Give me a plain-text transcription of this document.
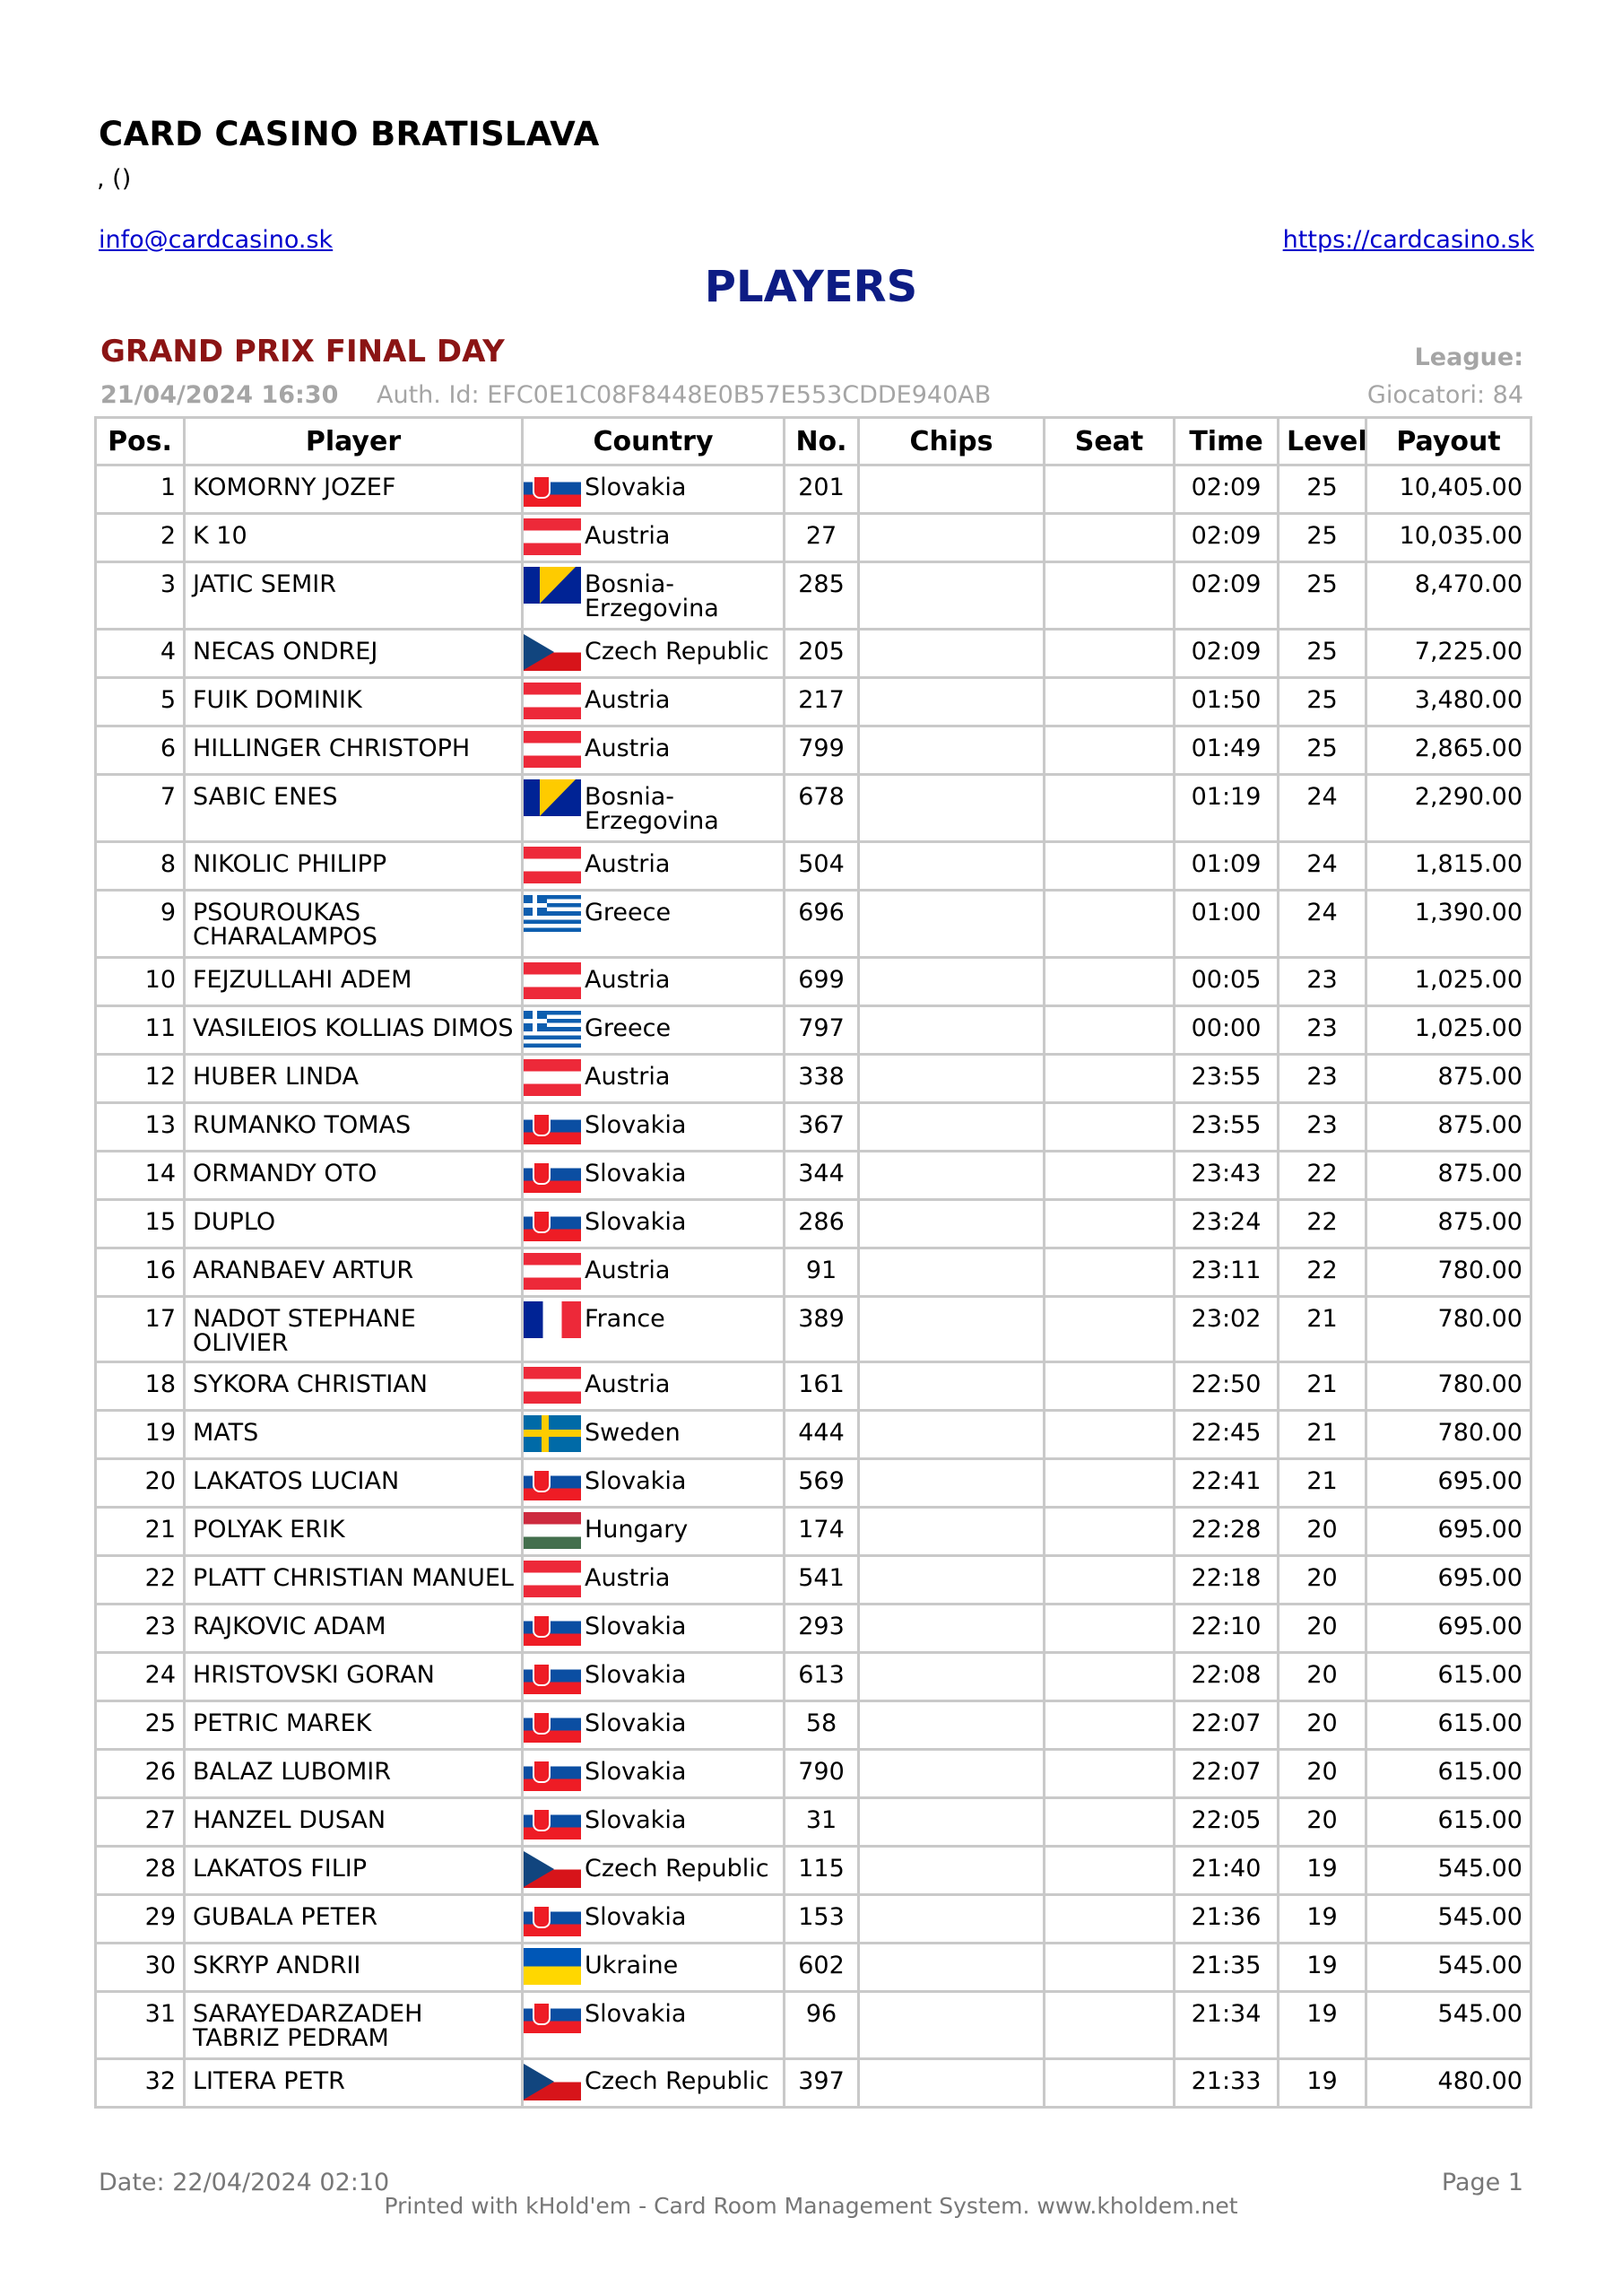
CARD CASINO BRATISLAVA
, ()
info@cardcasino.sk	https://cardcasino.sk
PLAYERS
GRAND PRIX FINAL DAY	League:
21/04/2024 16:30 Auth. Id: EFC0E1C08F8448E0B57E553CDDE940AB	Giocatori: 84
Pos.	Player	Country	No.	Chips	Seat	Time	Level	Payout
1	KOMORNY JOZEF	Slovakia	201			02:09	25	10,405.00
2	K 10	Austria	27			02:09	25	10,035.00
3	JATIC SEMIR	Bosnia-Erzegovina	285			02:09	25	8,470.00
4	NECAS ONDREJ	Czech Republic	205			02:09	25	7,225.00
5	FUIK DOMINIK	Austria	217			01:50	25	3,480.00
6	HILLINGER CHRISTOPH	Austria	799			01:49	25	2,865.00
7	SABIC ENES	Bosnia-Erzegovina	678			01:19	24	2,290.00
8	NIKOLIC PHILIPP	Austria	504			01:09	24	1,815.00
9	PSOUROUKAS CHARALAMPOS	Greece	696			01:00	24	1,390.00
10	FEJZULLAHI ADEM	Austria	699			00:05	23	1,025.00
11	VASILEIOS KOLLIAS DIMOS	Greece	797			00:00	23	1,025.00
12	HUBER LINDA	Austria	338			23:55	23	875.00
13	RUMANKO TOMAS	Slovakia	367			23:55	23	875.00
14	ORMANDY OTO	Slovakia	344			23:43	22	875.00
15	DUPLO	Slovakia	286			23:24	22	875.00
16	ARANBAEV ARTUR	Austria	91			23:11	22	780.00
17	NADOT STEPHANE OLIVIER	France	389			23:02	21	780.00
18	SYKORA CHRISTIAN	Austria	161			22:50	21	780.00
19	MATS	Sweden	444			22:45	21	780.00
20	LAKATOS LUCIAN	Slovakia	569			22:41	21	695.00
21	POLYAK ERIK	Hungary	174			22:28	20	695.00
22	PLATT CHRISTIAN MANUEL	Austria	541			22:18	20	695.00
23	RAJKOVIC ADAM	Slovakia	293			22:10	20	695.00
24	HRISTOVSKI GORAN	Slovakia	613			22:08	20	615.00
25	PETRIC MAREK	Slovakia	58			22:07	20	615.00
26	BALAZ LUBOMIR	Slovakia	790			22:07	20	615.00
27	HANZEL DUSAN	Slovakia	31			22:05	20	615.00
28	LAKATOS FILIP	Czech Republic	115			21:40	19	545.00
29	GUBALA PETER	Slovakia	153			21:36	19	545.00
30	SKRYP ANDRII	Ukraine	602			21:35	19	545.00
31	SARAYEDARZADEH TABRIZ PEDRAM	Slovakia	96			21:34	19	545.00
32	LITERA PETR	Czech Republic	397			21:33	19	480.00
Date: 22/04/2024 02:10
Printed with kHold'em - Card Room Management System. www.kholdem.net
Page 1
